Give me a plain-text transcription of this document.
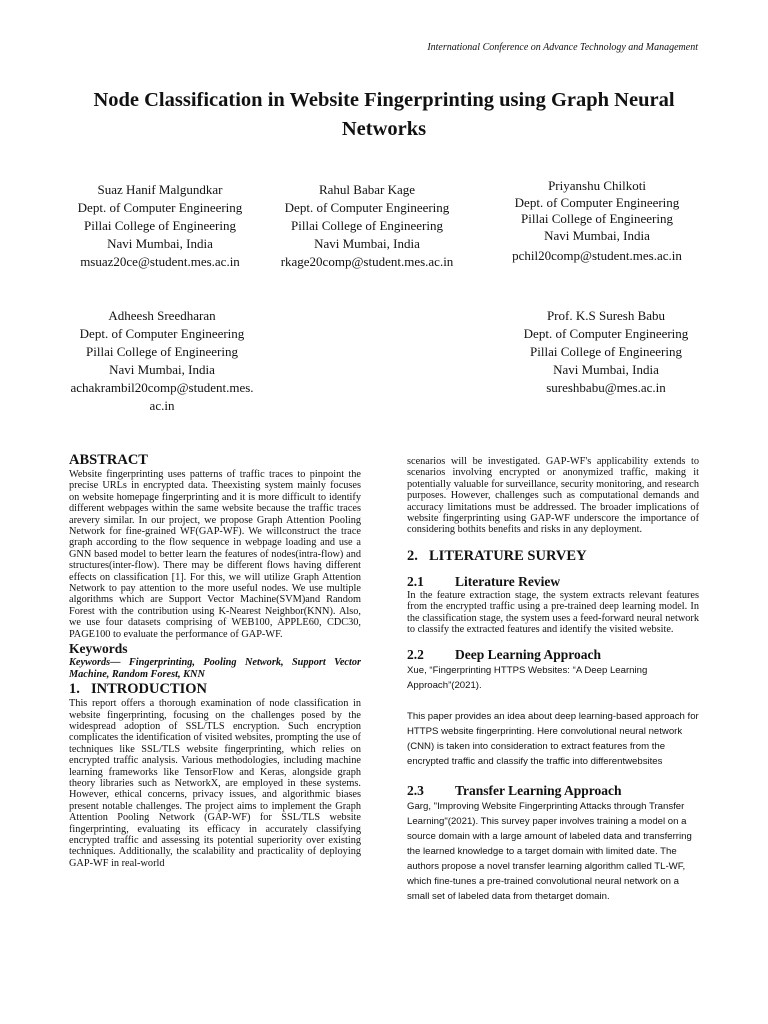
International Conference on Advance Technology and Management
Node Classification in Website Fingerprinting using Graph Neural Networks
Suaz Hanif Malgundkar
Dept. of Computer Engineering
Pillai College of Engineering
Navi Mumbai, India
msuaz20ce@student.mes.ac.in
Rahul Babar Kage
Dept. of Computer Engineering
Pillai College of Engineering
Navi Mumbai, India
rkage20comp@student.mes.ac.in
Priyanshu Chilkoti
Dept. of Computer Engineering
Pillai College of Engineering
Navi Mumbai, India
pchil20comp@student.mes.ac.in
Adheesh Sreedharan
Dept. of Computer Engineering
Pillai College of Engineering
Navi Mumbai, India
achakrambil20comp@student.mes.
ac.in
Prof. K.S Suresh Babu
Dept. of Computer Engineering
Pillai College of Engineering
Navi Mumbai, India
sureshbabu@mes.ac.in

ABSTRACT

Website fingerprinting uses patterns of traffic traces to pinpoint the precise URLs in encrypted data. Theexisting system mainly focuses on website homepage fingerprinting and it is more difficult to identify different webpages within the same website because the traffic traces arevery similar. In our project, we propose Graph Attention Pooling Network for fine-grained WF(GAP-WF). We willconstruct the trace graph according to the flow sequence in webpage loading and use a GNN based model to better learn the features of nodes(intra-flow) and structures(inter-flow). There may be different flows having different effects on classification [1]. For this, we will utilize Graph Attention Network to pay attention to the more useful nodes. We use multiple algorithms which are Support Vector Machine(SVM)and Random Forest with the contribution using K-Nearest Neighbor(KNN). Also, we use four datasets comprising of WEB100, APPLE60, CDC30, PAGE100 to evaluate the performance of GAP-WF.

Keywords

Keywords— Fingerprinting, Pooling Network, Support Vector Machine, Random Forest, KNN

1. INTRODUCTION

This report offers a thorough examination of node classification in website fingerprinting, focusing on the challenges posed by the widespread adoption of SSL/TLS encryption. Such encryption complicates the identification of visited websites, prompting the use of techniques like SSL/TLS website fingerprinting, which relies on encrypted traffic analysis. Various methodologies, including machine learning frameworks like TensorFlow and Keras, alongside graph theory libraries such as NetworkX, are employed in these systems. However, ethical concerns, privacy issues, and algorithmic biases present notable challenges. The project aims to implement the Graph Attention Pooling Network (GAP-WF) for SSL/TLS website fingerprinting, evaluating its efficacy in accurately classifying encrypted traffic and assessing its potential superiority over existing techniques. Additionally, the scalability and practicality of deploying GAP-WF in real-world

scenarios will be investigated. GAP-WF's applicability extends to scenarios involving encrypted or anonymized traffic, making it potentially valuable for surveillance, security monitoring, and research purposes. However, challenges such as computational demands and accuracy limitations must be addressed. The broader implications of website fingerprinting using GAP-WF underscore the importance of considering bothits benefits and risks in any deployment.

2. LITERATURE SURVEY

2.1 Literature Review

In the feature extraction stage, the system extracts relevant features from the encrypted traffic using a pre-trained deep learning model. In the classification stage, the system uses a feed-forward neural network to classify the extracted features and identify the visited website.

2.2 Deep Learning Approach

Xue, “Fingerprinting HTTPS Websites: “A Deep Learning Approach”(2021).

This paper provides an idea about deep learning-based approach for HTTPS website fingerprinting. Here convolutional neural network (CNN) is taken into consideration to extract features from the encrypted traffic and classify the traffic into differentwebsites

2.3 Transfer Learning Approach

Garg, "Improving Website Fingerprinting Attacks through Transfer Learning"(2021). This survey paper involves training a model on a source domain with a large amount of labeled data and transferring the learned knowledge to a target domain with limited date. The authors propose a novel transfer learning algorithm called TL-WF, which fine-tunes a pre-trained convolutional neural network on a small set of labeled data from thetarget domain.
